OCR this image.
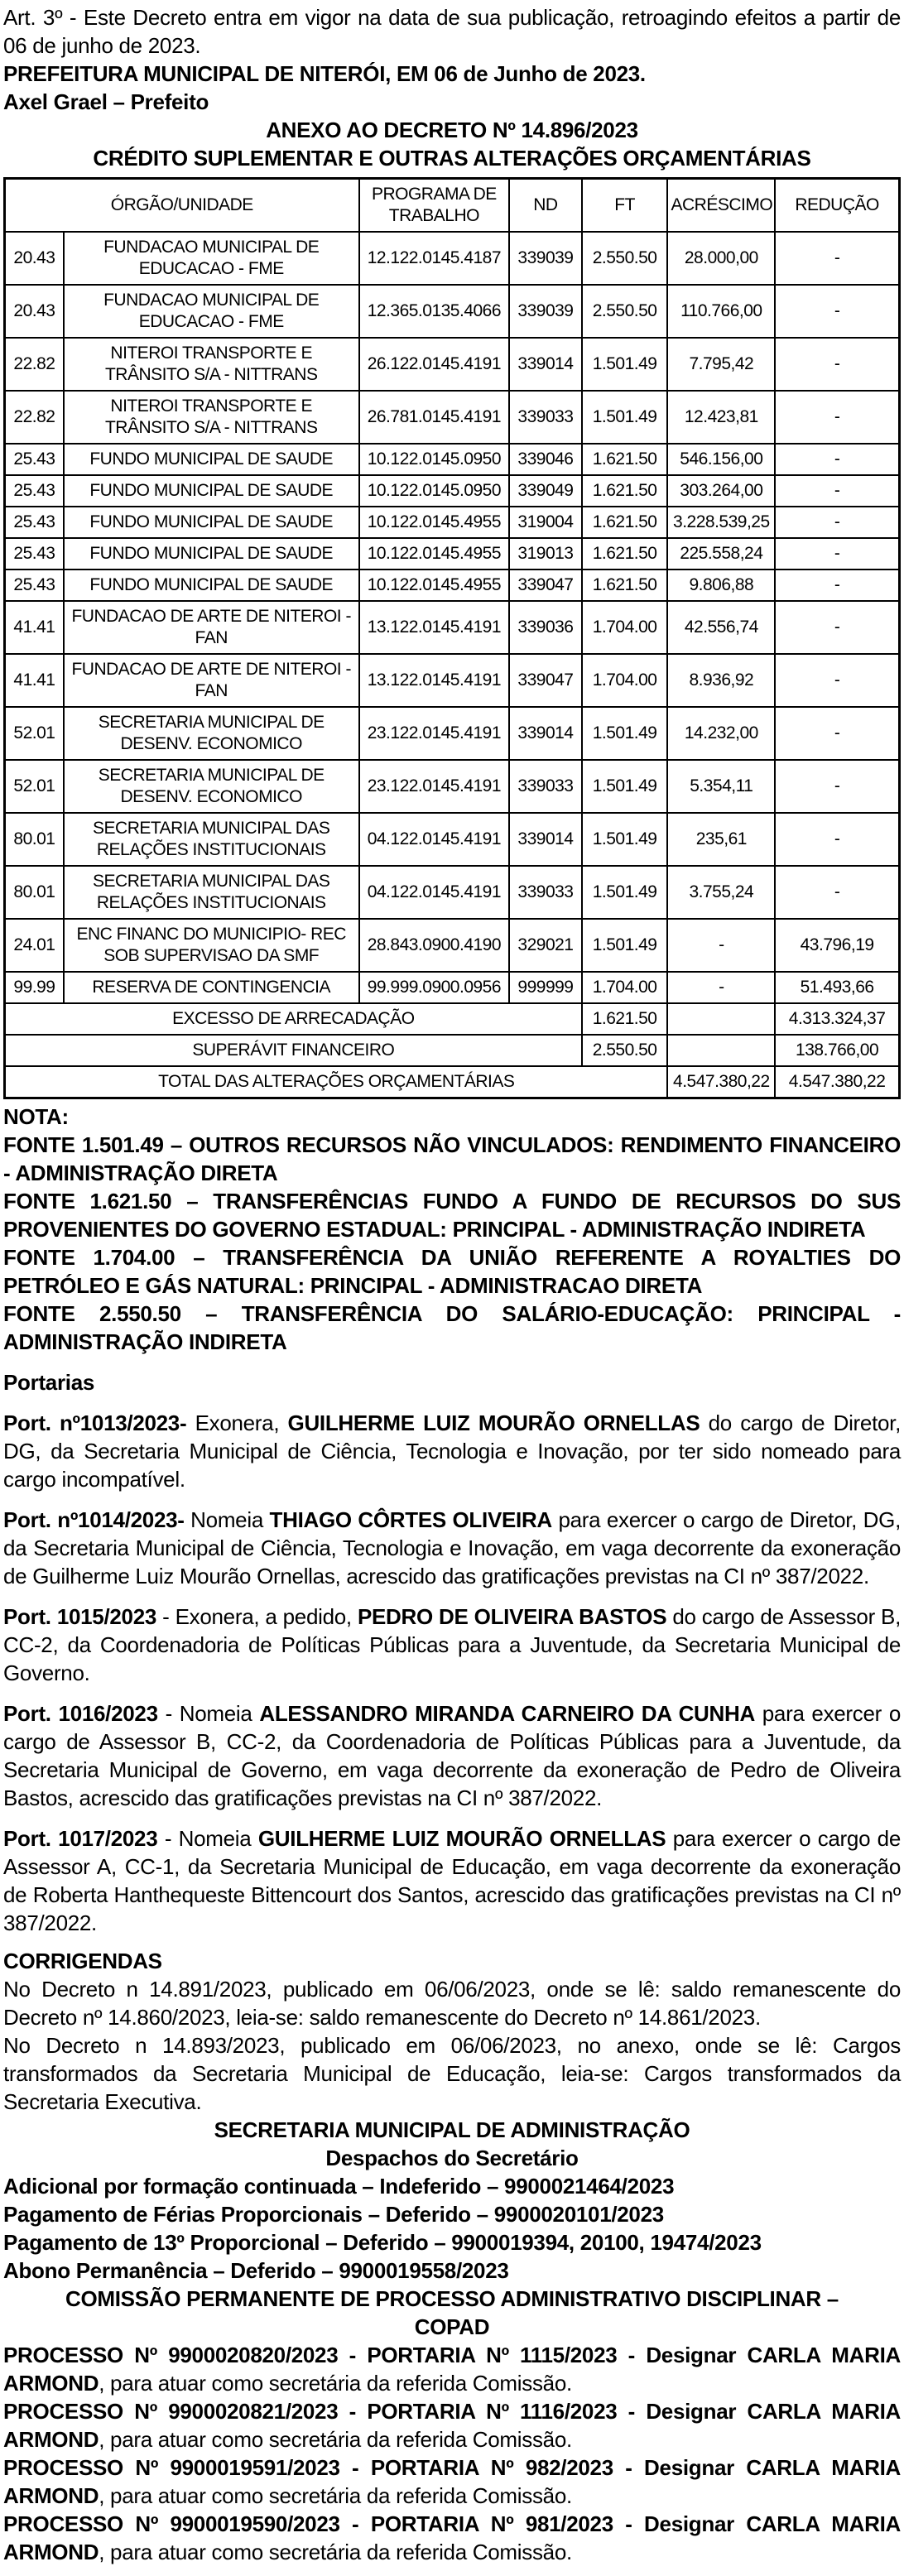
Art. 3º - Este Decreto entra em vigor na data de sua publicação, retroagindo efeitos a partir de 06 de junho de 2023.

PREFEITURA MUNICIPAL DE NITERÓI, EM 06 de Junho de 2023.

Axel Grael – Prefeito

ANEXO AO DECRETO Nº 14.896/2023

CRÉDITO SUPLEMENTAR E OUTRAS ALTERAÇÕES ORÇAMENTÁRIAS

ÓRGÃO/UNIDADE		PROGRAMA DE TRABALHO	ND	FT	ACRÉSCIMO	REDUÇÃO
20.43	FUNDACAO MUNICIPAL DE EDUCACAO - FME	12.122.0145.4187	339039	2.550.50	28.000,00	-
20.43	FUNDACAO MUNICIPAL DE EDUCACAO - FME	12.365.0135.4066	339039	2.550.50	110.766,00	-
22.82	NITEROI TRANSPORTE E TRÂNSITO S/A - NITTRANS	26.122.0145.4191	339014	1.501.49	7.795,42	-
22.82	NITEROI TRANSPORTE E TRÂNSITO S/A - NITTRANS	26.781.0145.4191	339033	1.501.49	12.423,81	-
25.43	FUNDO MUNICIPAL DE SAUDE	10.122.0145.0950	339046	1.621.50	546.156,00	-
25.43	FUNDO MUNICIPAL DE SAUDE	10.122.0145.0950	339049	1.621.50	303.264,00	-
25.43	FUNDO MUNICIPAL DE SAUDE	10.122.0145.4955	319004	1.621.50	3.228.539,25	-
25.43	FUNDO MUNICIPAL DE SAUDE	10.122.0145.4955	319013	1.621.50	225.558,24	-
25.43	FUNDO MUNICIPAL DE SAUDE	10.122.0145.4955	339047	1.621.50	9.806,88	-
41.41	FUNDACAO DE ARTE DE NITEROI - FAN	13.122.0145.4191	339036	1.704.00	42.556,74	-
41.41	FUNDACAO DE ARTE DE NITEROI - FAN	13.122.0145.4191	339047	1.704.00	8.936,92	-
52.01	SECRETARIA MUNICIPAL DE DESENV. ECONOMICO	23.122.0145.4191	339014	1.501.49	14.232,00	-
52.01	SECRETARIA MUNICIPAL DE DESENV. ECONOMICO	23.122.0145.4191	339033	1.501.49	5.354,11	-
80.01	SECRETARIA MUNICIPAL DAS RELAÇÕES INSTITUCIONAIS	04.122.0145.4191	339014	1.501.49	235,61	-
80.01	SECRETARIA MUNICIPAL DAS RELAÇÕES INSTITUCIONAIS	04.122.0145.4191	339033	1.501.49	3.755,24	-
24.01	ENC FINANC DO MUNICIPIO- REC SOB SUPERVISAO DA SMF	28.843.0900.4190	329021	1.501.49	-	43.796,19
99.99	RESERVA DE CONTINGENCIA	99.999.0900.0956	999999	1.704.00	-	51.493,66
EXCESSO DE ARRECADAÇÃO				1.621.50		4.313.324,37
SUPERÁVIT FINANCEIRO				2.550.50		138.766,00
TOTAL DAS ALTERAÇÕES ORÇAMENTÁRIAS					4.547.380,22	4.547.380,22

NOTA:

FONTE 1.501.49 – OUTROS RECURSOS NÃO VINCULADOS: RENDIMENTO FINANCEIRO - ADMINISTRAÇÃO DIRETA

FONTE 1.621.50 – TRANSFERÊNCIAS FUNDO A FUNDO DE RECURSOS DO SUS PROVENIENTES DO GOVERNO ESTADUAL: PRINCIPAL - ADMINISTRAÇÃO INDIRETA

FONTE 1.704.00 – TRANSFERÊNCIA DA UNIÃO REFERENTE A ROYALTIES DO PETRÓLEO E GÁS NATURAL: PRINCIPAL - ADMINISTRACAO DIRETA

FONTE 2.550.50 – TRANSFERÊNCIA DO SALÁRIO-EDUCAÇÃO: PRINCIPAL - ADMINISTRAÇÃO INDIRETA

Portarias

Port. nº1013/2023- Exonera, GUILHERME LUIZ MOURÃO ORNELLAS do cargo de Diretor, DG, da Secretaria Municipal de Ciência, Tecnologia e Inovação, por ter sido nomeado para cargo incompatível.

Port. nº1014/2023- Nomeia THIAGO CÔRTES OLIVEIRA para exercer o cargo de Diretor, DG, da Secretaria Municipal de Ciência, Tecnologia e Inovação, em vaga decorrente da exoneração de Guilherme Luiz Mourão Ornellas, acrescido das gratificações previstas na CI nº 387/2022.

Port. 1015/2023 - Exonera, a pedido, PEDRO DE OLIVEIRA BASTOS do cargo de Assessor B, CC-2, da Coordenadoria de Políticas Públicas para a Juventude, da Secretaria Municipal de Governo.

Port. 1016/2023 - Nomeia ALESSANDRO MIRANDA CARNEIRO DA CUNHA para exercer o cargo de Assessor B, CC-2, da Coordenadoria de Políticas Públicas para a Juventude, da Secretaria Municipal de Governo, em vaga decorrente da exoneração de Pedro de Oliveira Bastos, acrescido das gratificações previstas na CI nº 387/2022.

Port. 1017/2023 - Nomeia GUILHERME LUIZ MOURÃO ORNELLAS para exercer o cargo de Assessor A, CC-1, da Secretaria Municipal de Educação, em vaga decorrente da exoneração de Roberta Hanthequeste Bittencourt dos Santos, acrescido das gratificações previstas na CI nº 387/2022.

CORRIGENDAS

No Decreto n 14.891/2023, publicado em 06/06/2023, onde se lê: saldo remanescente do Decreto nº 14.860/2023, leia-se: saldo remanescente do Decreto nº 14.861/2023.

No Decreto n 14.893/2023, publicado em 06/06/2023, no anexo, onde se lê: Cargos transformados da Secretaria Municipal de Educação, leia-se: Cargos transformados da Secretaria Executiva.

SECRETARIA MUNICIPAL DE ADMINISTRAÇÃO

Despachos do Secretário

Adicional por formação continuada – Indeferido – 9900021464/2023

Pagamento de Férias Proporcionais – Deferido – 9900020101/2023

Pagamento de 13º Proporcional – Deferido – 9900019394, 20100, 19474/2023

Abono Permanência – Deferido – 9900019558/2023

COMISSÃO PERMANENTE DE PROCESSO ADMINISTRATIVO DISCIPLINAR –

COPAD

PROCESSO Nº 9900020820/2023 - PORTARIA Nº 1115/2023 - Designar CARLA MARIA ARMOND, para atuar como secretária da referida Comissão.

PROCESSO Nº 9900020821/2023 - PORTARIA Nº 1116/2023 - Designar CARLA MARIA ARMOND, para atuar como secretária da referida Comissão.

PROCESSO Nº 9900019591/2023 - PORTARIA Nº 982/2023 - Designar CARLA MARIA ARMOND, para atuar como secretária da referida Comissão.

PROCESSO Nº 9900019590/2023 - PORTARIA Nº 981/2023 - Designar CARLA MARIA ARMOND, para atuar como secretária da referida Comissão.
